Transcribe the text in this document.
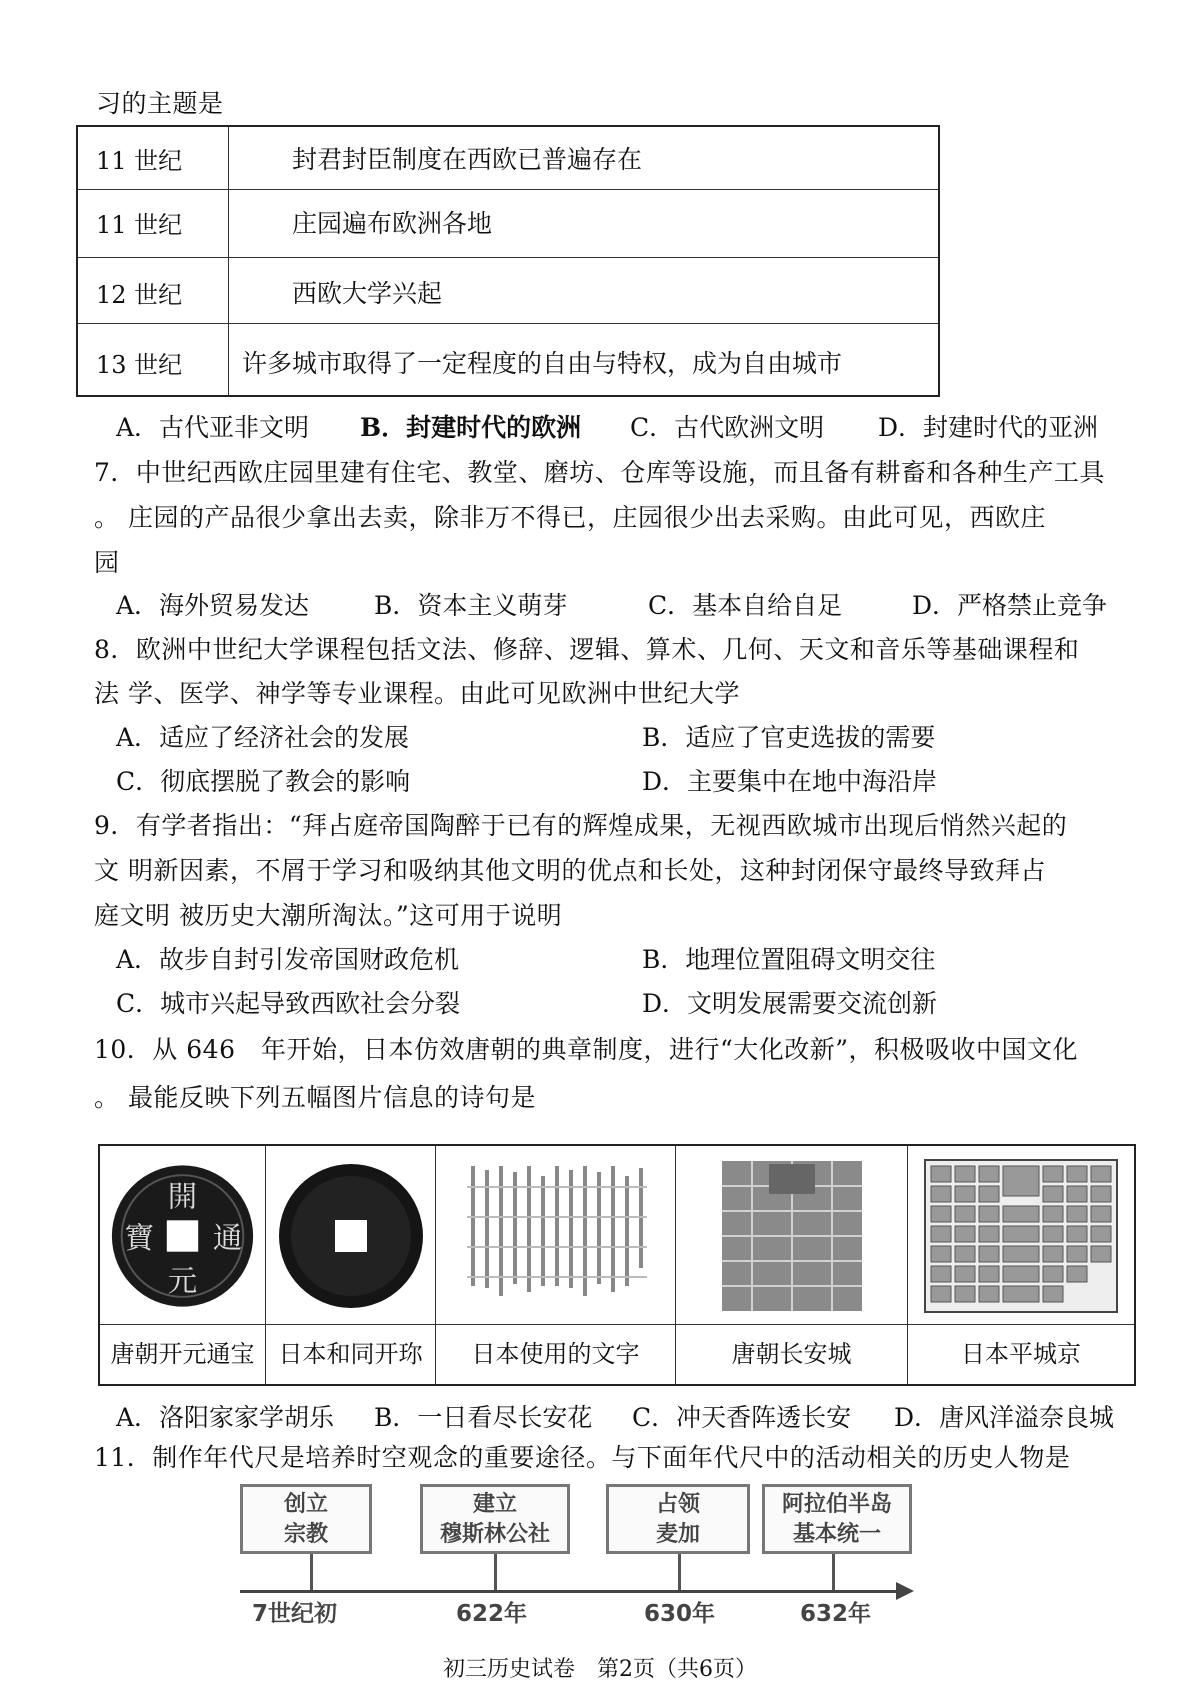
习的主题是
11 世纪	封君封臣制度在西欧已普遍存在
11 世纪	庄园遍布欧洲各地
12 世纪	西欧大学兴起
13 世纪 许多城市取得了一定程度的自由与特权，成为自由城市
A．古代亚非文明 B．封建时代的欧洲 C．古代欧洲文明 D．封建时代的亚洲
7．中世纪西欧庄园里建有住宅、教堂、磨坊、仓库等设施，而且备有耕畜和各种生产工具
。 庄园的产品很少拿出去卖，除非万不得已，庄园很少出去采购。由此可见，西欧庄
园
A．海外贸易发达	B．资本主义萌芽	C．基本自给自足	D．严格禁止竞争
8．欧洲中世纪大学课程包括文法、修辞、逻辑、算术、几何、天文和音乐等基础课程和
法 学、医学、神学等专业课程。由此可见欧洲中世纪大学
A．适应了经济社会的发展	B．适应了官吏选拔的需要
C．彻底摆脱了教会的影响	D．主要集中在地中海沿岸
9．有学者指出：“拜占庭帝国陶醉于已有的辉煌成果，无视西欧城市出现后悄然兴起的
文 明新因素，不屑于学习和吸纳其他文明的优点和长处，这种封闭保守最终导致拜占
庭文明 被历史大潮所淘汰。”这可用于说明
A．故步自封引发帝国财政危机	B．地理位置阻碍文明交往
C．城市兴起导致西欧社会分裂	D．文明发展需要交流创新
10．从 646　年开始，日本仿效唐朝的典章制度，进行“大化改新”，积极吸收中国文化
。 最能反映下列五幅图片信息的诗句是
開
元
通
寶
唐朝开元通宝	日本和同开珎	日本使用的文字	唐朝长安城	日本平城京
A．洛阳家家学胡乐 B．一日看尽长安花 C．冲天香阵透长安 D．唐风洋溢奈良城
11．制作年代尺是培养时空观念的重要途径。与下面年代尺中的活动相关的历史人物是
创立
宗教
建立
穆斯林公社
占领
麦加
阿拉伯半岛
基本统一
7世纪初	622年	630年	632年
初三历史试卷　第2页（共6页）
